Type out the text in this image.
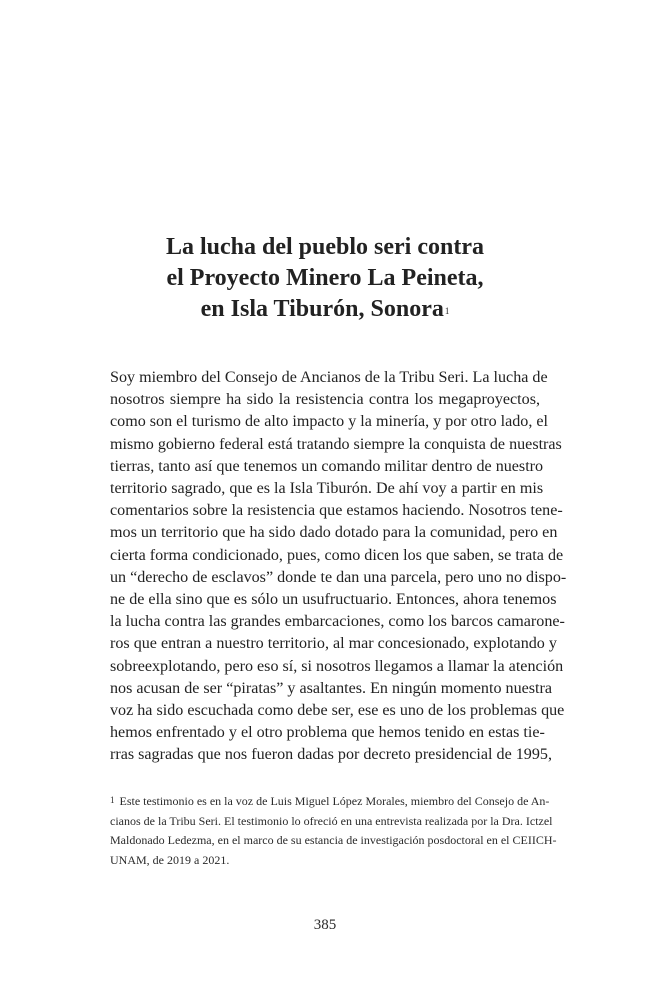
La lucha del pueblo seri contra
el Proyecto Minero La Peineta,
en Isla Tiburón, Sonora$^1$
Soy miembro del Consejo de Ancianos de la Tribu Seri. La lucha de
nosotros siempre ha sido la resistencia contra los megaproyectos,
como son el turismo de alto impacto y la minería, y por otro lado, el
mismo gobierno federal está tratando siempre la conquista de nuestras
tierras, tanto así que tenemos un comando militar dentro de nuestro
territorio sagrado, que es la Isla Tiburón. De ahí voy a partir en mis
comentarios sobre la resistencia que estamos haciendo. Nosotros tene-
mos un territorio que ha sido dado dotado para la comunidad, pero en
cierta forma condicionado, pues, como dicen los que saben, se trata de
un “derecho de esclavos” donde te dan una parcela, pero uno no dispo-
ne de ella sino que es sólo un usufructuario. Entonces, ahora tenemos
la lucha contra las grandes embarcaciones, como los barcos camarone-
ros que entran a nuestro territorio, al mar concesionado, explotando y
sobreexplotando, pero eso sí, si nosotros llegamos a llamar la atención
nos acusan de ser “piratas” y asaltantes. En ningún momento nuestra
voz ha sido escuchada como debe ser, ese es uno de los problemas que
hemos enfrentado y el otro problema que hemos tenido en estas tie-
rras sagradas que nos fueron dadas por decreto presidencial de 1995,
$^1$ Este testimonio es en la voz de Luis Miguel López Morales, miembro del Consejo de An-
cianos de la Tribu Seri. El testimonio lo ofreció en una entrevista realizada por la Dra. Ictzel
Maldonado Ledezma, en el marco de su estancia de investigación posdoctoral en el CEIICH-
UNAM, de 2019 a 2021.
385
